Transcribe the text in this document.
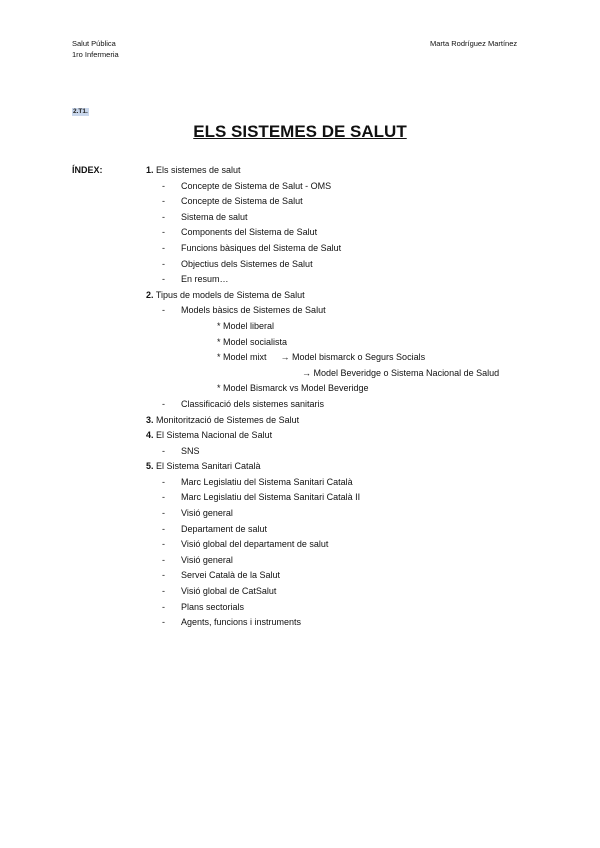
Salut Pública
1ro Infermeria
Marta Rodríguez Martínez
2.T1.
ELS SISTEMES DE SALUT
ÍNDEX:	1. Els sistemes de salut
- Concepte de Sistema de Salut - OMS
- Concepte de Sistema de Salut
- Sistema de salut
- Components del Sistema de Salut
- Funcions bàsiques del Sistema de Salut
- Objectius dels Sistemes de Salut
- En resum…
2. Tipus de models de Sistema de Salut
- Models bàsics de Sistemes de Salut
* Model liberal
* Model socialista
* Model mixt → Model bismarck o Segurs Socials
→ Model Beveridge o Sistema Nacional de Salud
* Model Bismarck vs Model Beveridge
- Classificació dels sistemes sanitaris
3. Monitorització de Sistemes de Salut
4. El Sistema Nacional de Salut
- SNS
5. El Sistema Sanitari Català
- Marc Legislatiu del Sistema Sanitari Català
- Marc Legislatiu del Sistema Sanitari Català II
- Visió general
- Departament de salut
- Visió global del departament de salut
- Visió general
- Servei Català de la Salut
- Visió global de CatSalut
- Plans sectorials
- Agents, funcions i instruments
